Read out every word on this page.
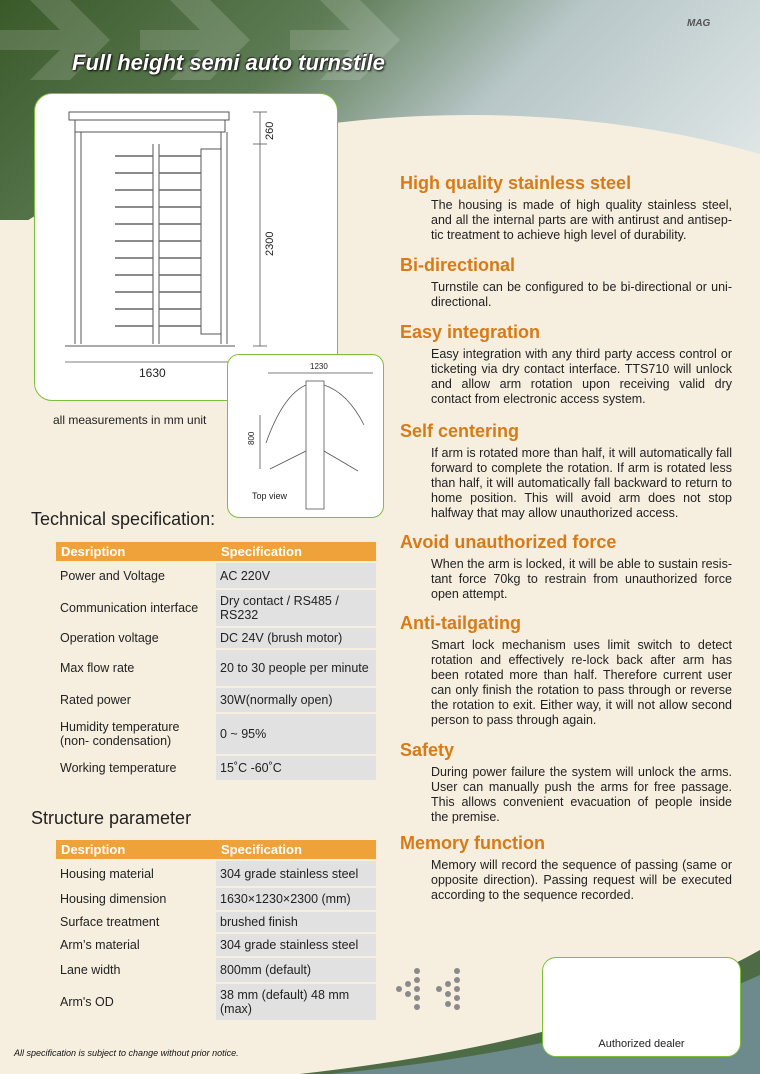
Full height semi auto turnstile
MAG
260
2300
1630	1230
800
Top view
all measurements in mm unit
Technical specification:
Desription	Specification
Power and Voltage	AC 220V
Communication interface	Dry contact / RS485 / RS232
Operation voltage	DC 24V (brush motor)
Max flow rate	20 to 30 people per minute
Rated power	30W(normally open)
Humidity temperature (non- condensation)	0 ~ 95%
Working temperature	15˚C -60˚C
Structure parameter
Desription	Specification
Housing material	304 grade stainless steel
Housing dimension	1630×1230×2300 (mm)
Surface treatment	brushed finish
Arm’s material	304 grade stainless steel
Lane width	800mm (default)
Arm's OD	38 mm (default) 48 mm (max)
High quality stainless steel

The housing is made of high quality stainless steel, and all the internal parts are with antirust and antisep-tic treatment to achieve high level of durability.

Bi-directional

Turnstile can be configured to be bi-directional or uni-directional.

Easy integration

Easy integration with any third party access control or ticketing via dry contact interface. TTS710 will unlock and allow arm rotation upon receiving valid dry contact from electronic access system.

Self centering

If arm is rotated more than half, it will automatically fall forward to complete the rotation. If arm is rotated less than half, it will automatically fall backward to return to home position. This will avoid arm does not stop halfway that may allow unauthorized access.

Avoid unauthorized force

When the arm is locked, it will be able to sustain resis-tant force 70kg to restrain from unauthorized force open attempt.

Anti-tailgating

Smart lock mechanism uses limit switch to detect rotation and effectively re-lock back after arm has been rotated more than half. Therefore current user can only finish the rotation to pass through or reverse the rotation to exit. Either way, it will not allow second person to pass through again.

Safety

During power failure the system will unlock the arms. User can manually push the arms for free passage. This allows convenient evacuation of people inside the premise.

Memory function

Memory will record the sequence of passing (same or opposite direction). Passing request will be executed according to the sequence recorded.

Authorized dealer
All specification is subject to change without prior notice.
